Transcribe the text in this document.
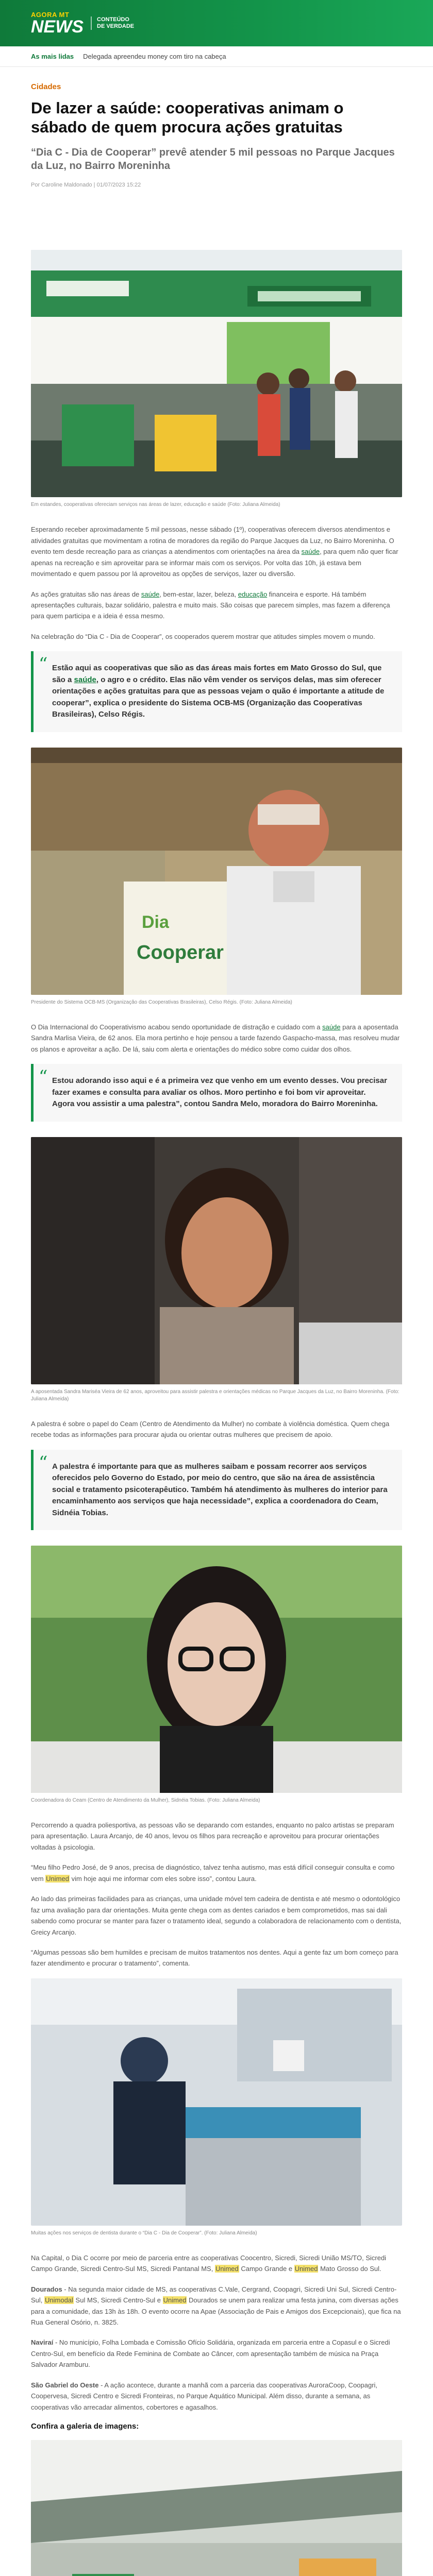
AGORA MT
NEWS CONTEÚDO
DE VERDADE
As mais lidas Delegada apreendeu money com tiro na cabeça
Cidades
De lazer a saúde: cooperativas animam o sábado de quem procura ações gratuitas
“Dia C - Dia de Cooperar” prevê atender 5 mil pessoas no Parque Jacques da Luz, no Bairro Moreninha
Por Caroline Maldonado | 01/07/2023 15:22
Em estandes, cooperativas ofereciam serviços nas áreas de lazer, educação e saúde (Foto: Juliana Almeida)

Esperando receber aproximadamente 5 mil pessoas, nesse sábado (1º), cooperativas oferecem diversos atendimentos e atividades gratuitas que movimentam a rotina de moradores da região do Parque Jacques da Luz, no Bairro Moreninha. O evento tem desde recreação para as crianças a atendimentos com orientações na área da saúde, para quem não quer ficar apenas na recreação e sim aproveitar para se informar mais com os serviços. Por volta das 10h, já estava bem movimentado e quem passou por lá aproveitou as opções de serviços, lazer ou diversão.

As ações gratuitas são nas áreas de saúde, bem-estar, lazer, beleza, educação financeira e esporte. Há também apresentações culturais, bazar solidário, palestra e muito mais. São coisas que parecem simples, mas fazem a diferença para quem participa e a ideia é essa mesmo.

Na celebração do “Dia C - Dia de Cooperar”, os cooperados querem mostrar que atitudes simples movem o mundo.

“ Estão aqui as cooperativas que são as das áreas mais fortes em Mato Grosso do Sul, que são a saúde, o agro e o crédito. Elas não vêm vender os serviços delas, mas sim oferecer orientações e ações gratuitas para que as pessoas vejam o quão é importante a atitude de cooperar”, explica o presidente do Sistema OCB-MS (Organização das Cooperativas Brasileiras), Celso Régis.

Dia
Cooperar
Presidente do Sistema OCB-MS (Organização das Cooperativas Brasileiras), Celso Régis. (Foto: Juliana Almeida)

O Dia Internacional do Cooperativismo acabou sendo oportunidade de distração e cuidado com a saúde para a aposentada Sandra Marlisa Vieira, de 62 anos. Ela mora pertinho e hoje pensou a tarde fazendo Gaspacho-massa, mas resolveu mudar os planos e aproveitar a ação. De lá, saiu com alerta e orientações do médico sobre como cuidar dos olhos.

“ Estou adorando isso aqui e é a primeira vez que venho em um evento desses. Vou precisar fazer exames e consulta para avaliar os olhos. Moro pertinho e foi bom vir aproveitar. Agora vou assistir a uma palestra”, contou Sandra Melo, moradora do Bairro Moreninha.

A aposentada Sandra Mariséa Vieira de 62 anos, aproveitou para assistir palestra e orientações médicas no Parque Jacques da Luz, no Bairro Moreninha. (Foto: Juliana Almeida)

A palestra é sobre o papel do Ceam (Centro de Atendimento da Mulher) no combate à violência doméstica. Quem chega recebe todas as informações para procurar ajuda ou orientar outras mulheres que precisem de apoio.

“ A palestra é importante para que as mulheres saibam e possam recorrer aos serviços oferecidos pelo Governo do Estado, por meio do centro, que são na área de assistência social e tratamento psicoterapêutico. Também há atendimento às mulheres do interior para encaminhamento aos serviços que haja necessidade”, explica a coordenadora do Ceam, Sidnéia Tobias.

Coordenadora do Ceam (Centro de Atendimento da Mulher), Sidnéia Tobias. (Foto: Juliana Almeida)

Percorrendo a quadra poliesportiva, as pessoas vão se deparando com estandes, enquanto no palco artistas se preparam para apresentação. Laura Arcanjo, de 40 anos, levou os filhos para recreação e aproveitou para procurar orientações voltadas à psicologia.

“Meu filho Pedro José, de 9 anos, precisa de diagnóstico, talvez tenha autismo, mas está difícil conseguir consulta e como vem Unimed vim hoje aqui me informar com eles sobre isso”, contou Laura.

Ao lado das primeiras facilidades para as crianças, uma unidade móvel tem cadeira de dentista e até mesmo o odontológico faz uma avaliação para dar orientações. Muita gente chega com as dentes cariados e bem comprometidos, mas sai dali sabendo como procurar se manter para fazer o tratamento ideal, segundo a colaboradora de relacionamento com o dentista, Greicy Arcanjo.

“Algumas pessoas são bem humildes e precisam de muitos tratamentos nos dentes. Aqui a gente faz um bom começo para fazer atendimento e procurar o tratamento”, comenta.

Muitas ações nos serviços de dentista durante o “Dia C - Dia de Cooperar”. (Foto: Juliana Almeida)

Na Capital, o Dia C ocorre por meio de parceria entre as cooperativas Coocentro, Sicredi, Sicredi União MS/TO, Sicredi Campo Grande, Sicredi Centro-Sul MS, Sicredi Pantanal MS, Unimed Campo Grande e Unimed Mato Grosso do Sul.

Dourados - Na segunda maior cidade de MS, as cooperativas C.Vale, Cergrand, Coopagri, Sicredi Uni Sul, Sicredi Centro-Sul, Unimodal Sul MS, Sicredi Centro-Sul e Unimed Dourados se unem para realizar uma festa junina, com diversas ações para a comunidade, das 13h às 18h. O evento ocorre na Apae (Associação de Pais e Amigos dos Excepcionais), que fica na Rua General Osório, n. 3825.

Naviraí - No município, Folha Lombada e Comissão Ofício Solidária, organizada em parceria entre a Copasul e o Sicredi Centro-Sul, em benefício da Rede Feminina de Combate ao Câncer, com apresentação também de música na Praça Salvador Aramburu.

São Gabriel do Oeste - A ação acontece, durante a manhã com a parceria das cooperativas AuroraCoop, Coopagri, Coopervesa, Sicredi Centro e Sicredi Fronteiras, no Parque Aquático Municipal. Além disso, durante a semana, as cooperativas vão arrecadar alimentos, cobertores e agasalhos.

Confira a galeria de imagens:
